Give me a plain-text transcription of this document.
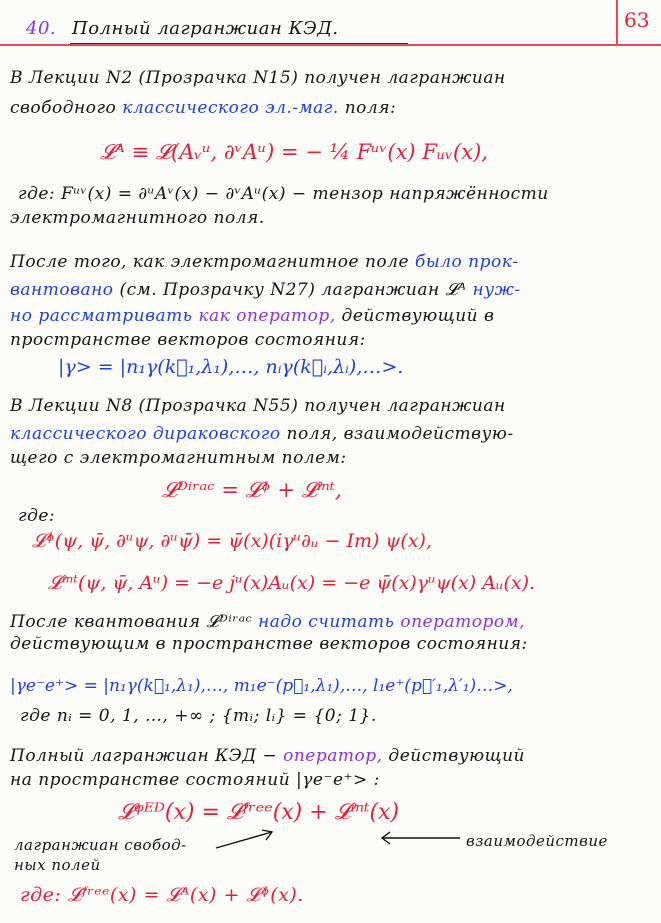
63
40. Полный лагранжиан КЭД.
В Лекции N2 (Прозрачка N15) получен лагранжиан
свободного классического эл.-маг. поля:
𝓛ᴬ ≡ 𝓛(Aᵥᵘ, ∂ᵛAᵘ) = − ¼ Fᵘᵛ(x) Fᵤᵥ(x),
где: Fᵘᵛ(x) = ∂ᵘAᵛ(x) − ∂ᵛAᵘ(x) − тензор напряжённости
электромагнитного поля.
После того, как электромагнитное поле было прок-
вантовано (см. Прозрачку N27) лагранжиан 𝓛ᴬ нуж-
но рассматривать как оператор, действующий в
пространстве векторов состояния:
|γ> = |n₁γ(k⃗₁,λ₁),…, nᵢγ(k⃗ᵢ,λᵢ),…>.
В Лекции N8 (Прозрачка N55) получен лагранжиан
классического дираковского поля, взаимодействую-
щего с электромагнитным полем:
𝓛ᴰⁱʳᵃᶜ = 𝓛ᶲ + 𝓛ⁱⁿᵗ,
где:
𝓛ᶲ(ψ, ψ̄, ∂ᵘψ, ∂ᵘψ̄) = ψ̄(x)(iγᵘ∂ᵤ − Im) ψ(x),
𝓛ⁱⁿᵗ(ψ, ψ̄, Aᵘ) = −e jᵘ(x)Aᵤ(x) = −e ψ̄(x)γᵘψ(x) Aᵤ(x).
После квантования 𝓛ᴰⁱʳᵃᶜ надо считать оператором,
действующим в пространстве векторов состояния:
|γe⁻e⁺> = |n₁γ(k⃗₁,λ₁),…, m₁e⁻(p⃗₁,λ₁),…, l₁e⁺(p⃗′₁,λ′₁)…>,
где nᵢ = 0, 1, …, +∞ ; {mᵢ; lᵢ} = {0; 1}.
Полный лагранжиан КЭД − оператор, действующий
на пространстве состояний |γe⁻e⁺> :
𝓛ᵠᴱᴰ(x) = 𝓛ᶠʳᵉᵉ(x) + 𝓛ⁱⁿᵗ(x)
лагранжиан свобод-	взаимодействие
ных полей
где: 𝓛ᶠʳᵉᵉ(x) = 𝓛ᴬ(x) + 𝓛ᶲ(x).
